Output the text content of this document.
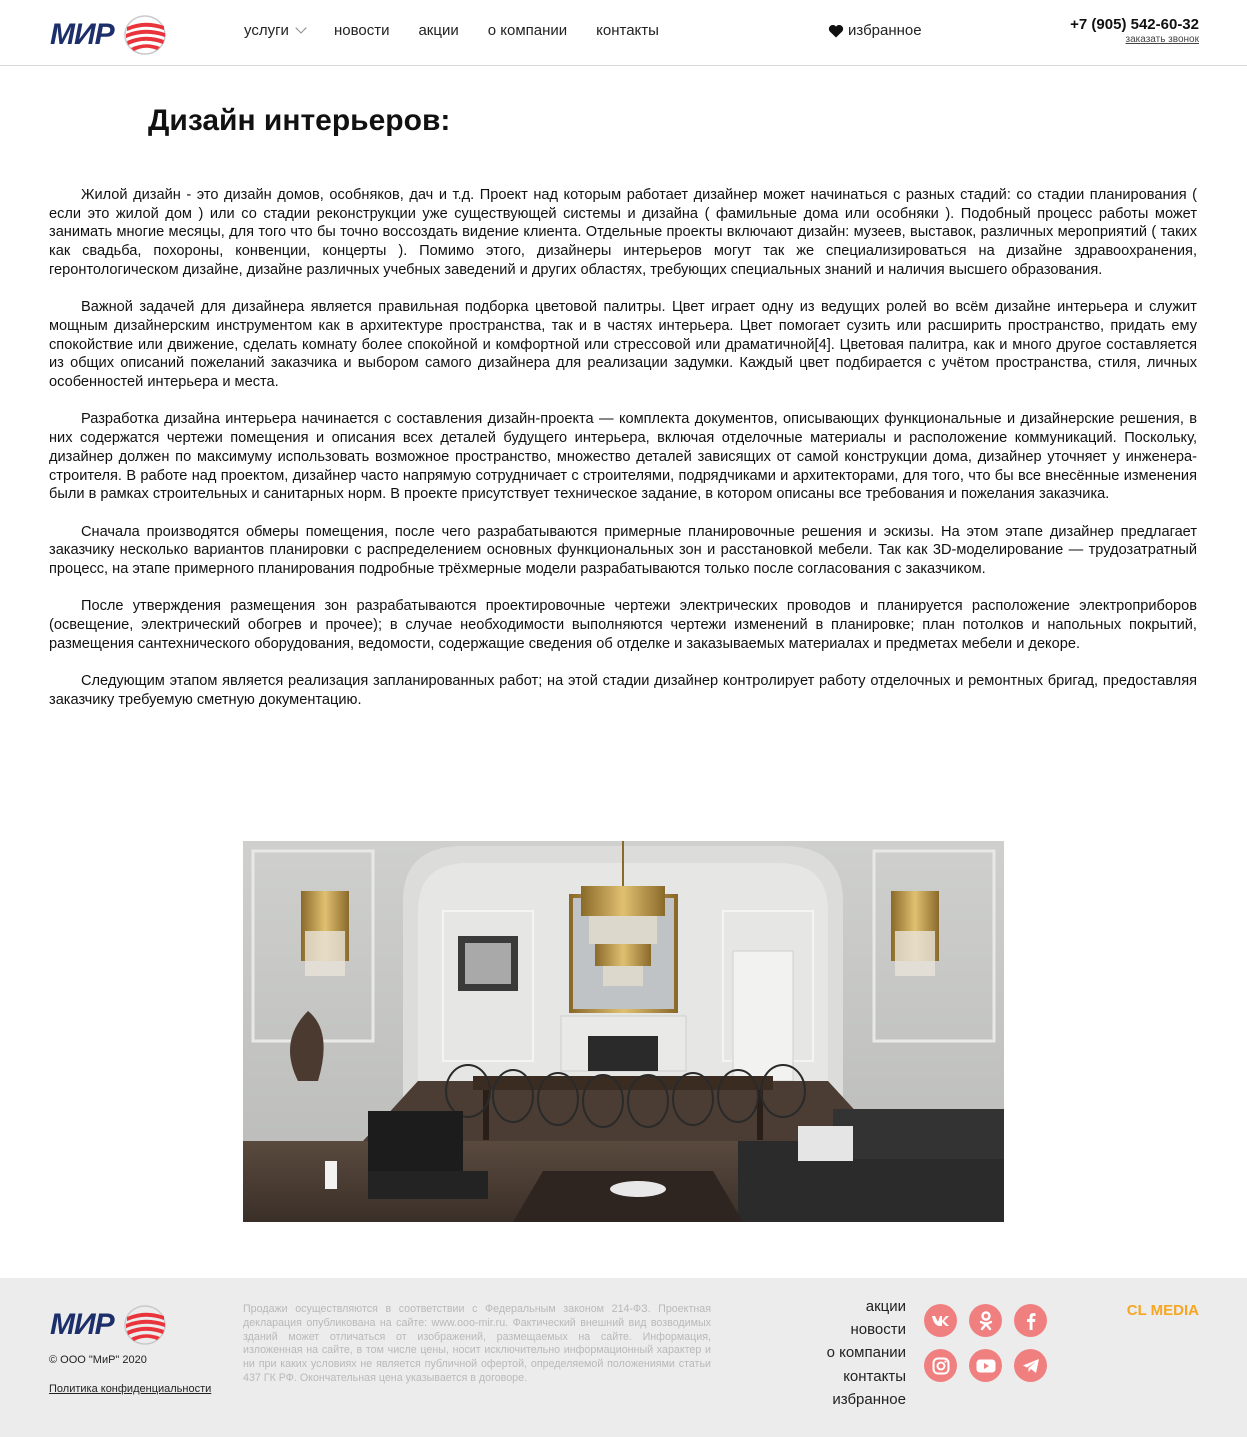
МИР	услуги	новости акции о компании контакты	избранное	+7 (905) 542-60-32
заказать звонок
Дизайн интерьеров:

Жилой дизайн - это дизайн домов, особняков, дач и т.д. Проект над которым работает дизайнер может начинаться с разных стадий: со стадии планирования ( если это жилой дом ) или со стадии реконструкции уже существующей системы и дизайна ( фамильные дома или особняки ). Подобный процесс работы может занимать многие месяцы, для того что бы точно воссоздать видение клиента. Отдельные проекты включают дизайн: музеев, выставок, различных мероприятий ( таких как свадьба, похороны, конвенции, концерты ). Помимо этого, дизайнеры интерьеров могут так же специализироваться на дизайне здравоохранения, геронтологическом дизайне, дизайне различных учебных заведений и других областях, требующих специальных знаний и наличия высшего образования.

Важной задачей для дизайнера является правильная подборка цветовой палитры. Цвет играет одну из ведущих ролей во всём дизайне интерьера и служит мощным дизайнерским инструментом как в архитектуре пространства, так и в частях интерьера. Цвет помогает сузить или расширить пространство, придать ему спокойствие или движение, сделать комнату более спокойной и комфортной или стрессовой или драматичной[4]. Цветовая палитра, как и много другое составляется из общих описаний пожеланий заказчика и выбором самого дизайнера для реализации задумки. Каждый цвет подбирается с учётом пространства, стиля, личных особенностей интерьера и места.

Разработка дизайна интерьера начинается с составления дизайн-проекта — комплекта документов, описывающих функциональные и дизайнерские решения, в них содержатся чертежи помещения и описания всех деталей будущего интерьера, включая отделочные материалы и расположение коммуникаций. Поскольку, дизайнер должен по максимуму использовать возможное пространство, множество деталей зависящих от самой конструкции дома, дизайнер уточняет у инженера-строителя. В работе над проектом, дизайнер часто напрямую сотрудничает с строителями, подрядчиками и архитекторами, для того, что бы все внесённые изменения были в рамках строительных и санитарных норм. В проекте присутствует техническое задание, в котором описаны все требования и пожелания заказчика.

Сначала производятся обмеры помещения, после чего разрабатываются примерные планировочные решения и эскизы. На этом этапе дизайнер предлагает заказчику несколько вариантов планировки с распределением основных функциональных зон и расстановкой мебели. Так как 3D-моделирование — трудозатратный процесс, на этапе примерного планирования подробные трёхмерные модели разрабатываются только после согласования с заказчиком.

После утверждения размещения зон разрабатываются проектировочные чертежи электрических проводов и планируется расположение электроприборов (освещение, электрический обогрев и прочее); в случае необходимости выполняются чертежи изменений в планировке; план потолков и напольных покрытий, размещения сантехнического оборудования, ведомости, содержащие сведения об отделке и заказываемых материалах и предметах мебели и декоре.

Следующим этапом является реализация запланированных работ; на этой стадии дизайнер контролирует работу отделочных и ремонтных бригад, предоставляя заказчику требуемую сметную документацию.

МИР
© ООО "МиР" 2020
Политика конфиденциальности

Продажи осуществляются в соответствии с Федеральным законом 214-ФЗ. Проектная декларация опубликована на сайте: www.ooo-mir.ru. Фактический внешний вид возводимых зданий может отличаться от изображений, размещаемых на сайте. Информация, изложенная на сайте, в том числе цены, носит исключительно информационный характер и ни при каких условиях не является публичной офертой, определяемой положениями статьи 437 ГК РФ. Окончательная цена указывается в договоре.

акции
новости
о компании
контакты
избранное
CL MEDIA
